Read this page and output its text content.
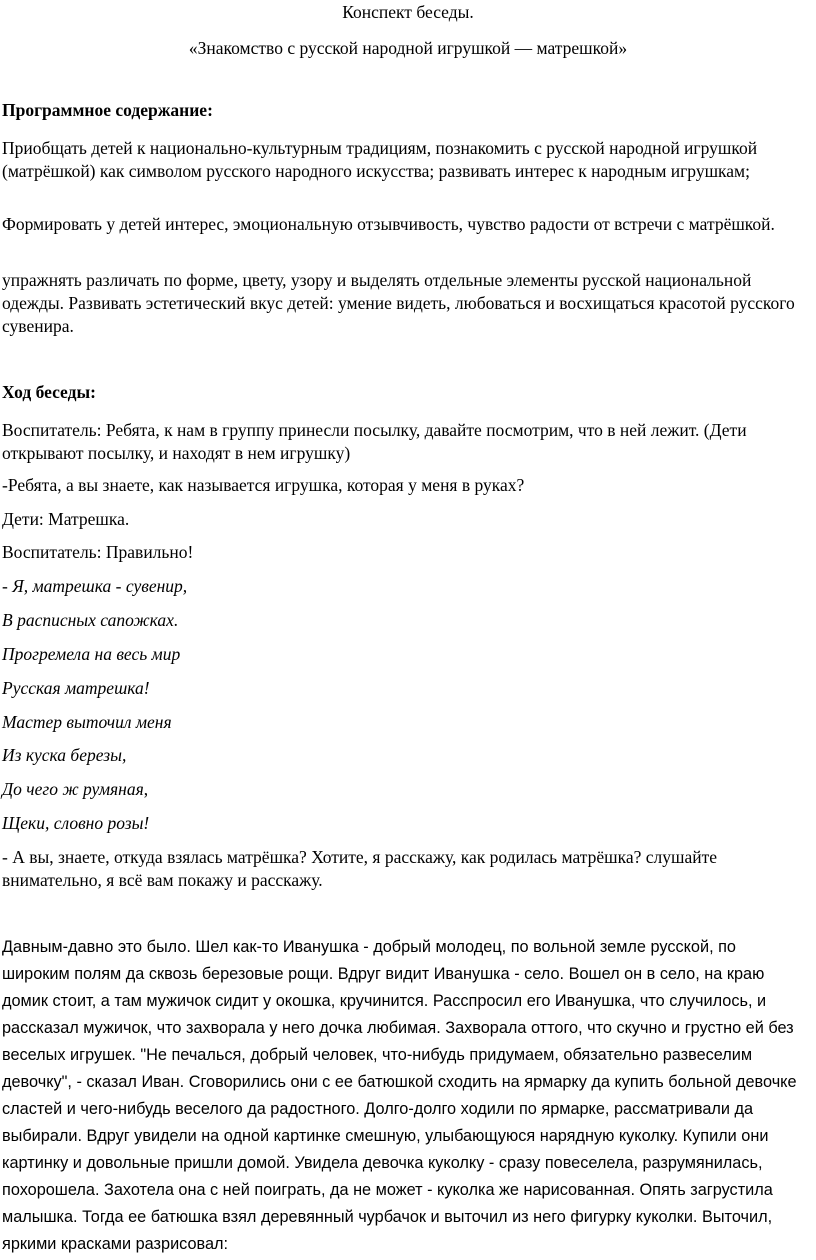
Конспект беседы.
«Знакомство с русской народной игрушкой — матрешкой»

Программное содержание:

Приобщать детей к национально-культурным традициям, познакомить с русской народной игрушкой (матрёшкой) как символом русского народного искусства; развивать интерес к народным игрушкам;

Формировать у детей интерес, эмоциональную отзывчивость, чувство радости от встречи с матрёшкой.

упражнять различать по форме, цвету, узору и выделять отдельные элементы русской национальной одежды. Развивать эстетический вкус детей: умение видеть, любоваться и восхищаться красотой русского сувенира.

Ход беседы:

Воспитатель: Ребята, к нам в группу принесли посылку, давайте посмотрим, что в ней лежит. (Дети открывают посылку, и находят в нем игрушку)

-Ребята, а вы знаете, как называется игрушка, которая у меня в руках?

Дети: Матрешка.

Воспитатель: Правильно!

- Я, матрешка - сувенир,

В расписных сапожках.

Прогремела на весь мир

Русская матрешка!

Мастер выточил меня

Из куска березы,

До чего ж румяная,

Щеки, словно розы!

- А вы, знаете, откуда взялась матрёшка? Хотите, я расскажу, как родилась матрёшка? слушайте внимательно, я всё вам покажу и расскажу.

Давным-давно это было. Шел как-то Иванушка - добрый молодец, по вольной земле русской, по широким полям да сквозь березовые рощи. Вдруг видит Иванушка - село. Вошел он в село, на краю домик стоит, а там мужичок сидит у окошка, кручинится. Расспросил его Иванушка, что случилось, и рассказал мужичок, что захворала у него дочка любимая. Захворала оттого, что скучно и грустно ей без веселых игрушек. "Не печалься, добрый человек, что-нибудь придумаем, обязательно развеселим девочку", - сказал Иван. Сговорились они с ее батюшкой сходить на ярмарку да купить больной девочке сластей и чего-нибудь веселого да радостного. Долго-долго ходили по ярмарке, рассматривали да выбирали. Вдруг увидели на одной картинке смешную, улыбающуюся нарядную куколку. Купили они картинку и довольные пришли домой. Увидела девочка куколку - сразу повеселела, разрумянилась, похорошела. Захотела она с ней поиграть, да не может - куколка же нарисованная. Опять загрустила малышка. Тогда ее батюшка взял деревянный чурбачок и выточил из него фигурку куколки. Выточил, яркими красками разрисовал:
